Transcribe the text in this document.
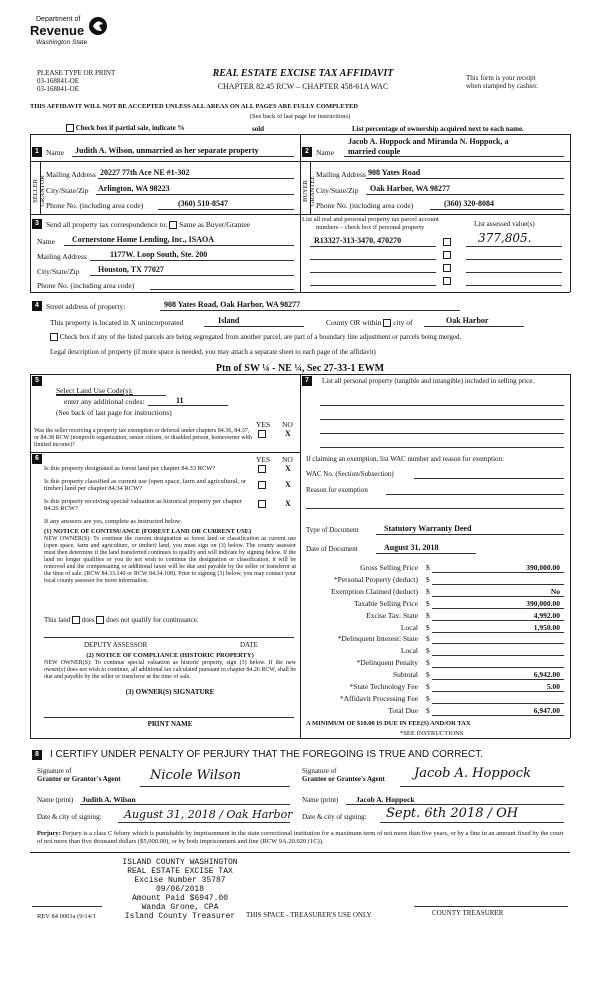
Department of
Revenue
Washington State
PLEASE TYPE OR PRINT
03-168841-OE
03-168841-OE
REAL ESTATE EXCISE TAX AFFIDAVIT
CHAPTER 82.45 RCW – CHAPTER 458-61A WAC
This form is your receipt
when stamped by cashier.
THIS AFFIDAVIT WILL NOT BE ACCEPTED UNLESS ALL AREAS ON ALL PAGES ARE FULLY COMPLETED
(See back of last page for instructions)
Check box if partial sale, indicate %	sold	List percentage of ownership acquired next to each name.
1 Name Judith A. Wilson, unmarried as her separate property
SELLER GRANTOR
Mailing Address 20227 77th Ace NE #1-302
City/State/Zip Arlington, WA 98223
Phone No. (including area code)	(360) 510-8547
2 Name
Jacob A. Hoppock and Miranda N. Hoppock, a
married couple
BUYER GRANTEE
Mailing Address 908 Yates Road
City/State/Zip Oak Harbor, WA 98277
Phone No. (including area code)	(360) 320-8084
3 Send all property tax correspondence to: Same as Buyer/Grantee
Name Cornerstone Home Lending, Inc., ISAOA
Mailing Address	1177W. Loop South, Ste. 200
City/State/Zip Houston, TX 77027
Phone No. (including area code)
List all real and personal property tax parcel account
numbers – check box if personal property	List assessed value(s)
R13327-313-3470, 470270	377,805.
4 Street address of property:	908 Yates Road, Oak Harbor, WA 98277
This property is located in X unincorporated	Island	County OR within city of	Oak Harbor
Check box if any of the listed parcels are being segregated from another parcel, are part of a boundary line adjustment or parcels being merged.
Legal description of property (if more space is needed, you may attach a separate sheet to each page of the affidavit)
Ptn of SW ¼ - NE ¼, Sec 27-33-1 EWM
5
Select Land Use Code(s):
enter any additional codes:	11
(See back of last page for instructions)
YES NO
Was the seller receiving a property tax exemption or deferral under chapters 84.36, 84.37, or 84.38 RCW (nonprofit organization, senior citizen, or disabled person, homeowner with limited income)?
X
6	YES NO
Is this property designated as forest land per chapter 84.33 RCW?	X
Is this property classified as current use (open space, farm and agricultural, or timber) land per chapter 84.34 RCW?	X
Is this property receiving special valuation as historical property per chapter 84.26 RCW?
X
If any answers are yes, complete as instructed below.
(1) NOTICE OF CONTINUANCE (FOREST LAND OR CURRENT USE)
NEW OWNER(S): To continue the current designation as forest land or classification as current use (open space, farm and agriculture, or timber) land, you must sign on (3) below. The county assessor must then determine if the land transferred continues to qualify and will indicate by signing below. If the land no longer qualifies or you do not wish to continue the designation or classification, it will be removed and the compensating or additional taxes will be due and payable by the seller or transferor at the time of sale. (RCW 84.33.140 or RCW 84.34.108). Prior to signing (3) below, you may contact your local county assessor for more information.
This land does does not qualify for continuance.
DEPUTY ASSESSOR	DATE
(2) NOTICE OF COMPLIANCE (HISTORIC PROPERTY)
NEW OWNER(S): To continue special valuation as historic property, sign (3) below. If the new owner(s) does not wish to continue, all additional tax calculated pursuant to chapter 84.26 RCW, shall be due and payable by the seller or transferor at the time of sale.
(3) OWNER(S) SIGNATURE
PRINT NAME
7	List all personal property (tangible and intangible) included in selling price.
If claiming an exemption, list WAC number and reason for exemption:
WAC No. (Section/Subsection)
Reason for exemption
Type of Document	Statutory Warranty Deed
Date of Document	August 31, 2018
Gross Selling Price $	390,000.00
*Personal Property (deduct) $
Exemption Claimed (deduct) $	No
Taxable Selling Price $	390,000.00
Excise Tax: State $	4,992.00
Local $	1,950.00
*Delinquent Interest: State $
Local $
*Delinquent Penalty $
Subtotal $	6,942.00
*State Technology Fee $	5.00
*Affidavit Processing Fee $
Total Due $	6,947.00
A MINIMUM OF $10.00 IS DUE IN FEE(S) AND/OR TAX
*SEE INSTRUCTIONS
8	I CERTIFY UNDER PENALTY OF PERJURY THAT THE FOREGOING IS TRUE AND CORRECT.
Signature of
Grantor or Grantor's Agent Nicole Wilson	Signature of
Grantee or Grantee's Agent Jacob A. Hoppock
Name (print) Judith A. Wilson	Name (print) Jacob A. Hoppock
Date & city of signing: August 31, 2018 / Oak Harbor Date & city of signing: Sept. 6th 2018 / OH
Perjury: Perjury is a class C felony which is punishable by imprisonment in the state correctional institution for a maximum term of not more than five years, or by a fine in an amount fixed by the court of not more than five thousand dollars ($5,000.00), or by both imprisonment and fine (RCW 9A.20.020 (1C)).
ISLAND COUNTY WASHINGTON
REAL ESTATE EXCISE TAX
Excise Number 35787
09/06/2018
Amount Paid $6947.00
Wanda Grone, CPA
Island County Treasurer
REV 84 0001a (9/14/1	THIS SPACE - TREASURER'S USE ONLY	COUNTY TREASURER
